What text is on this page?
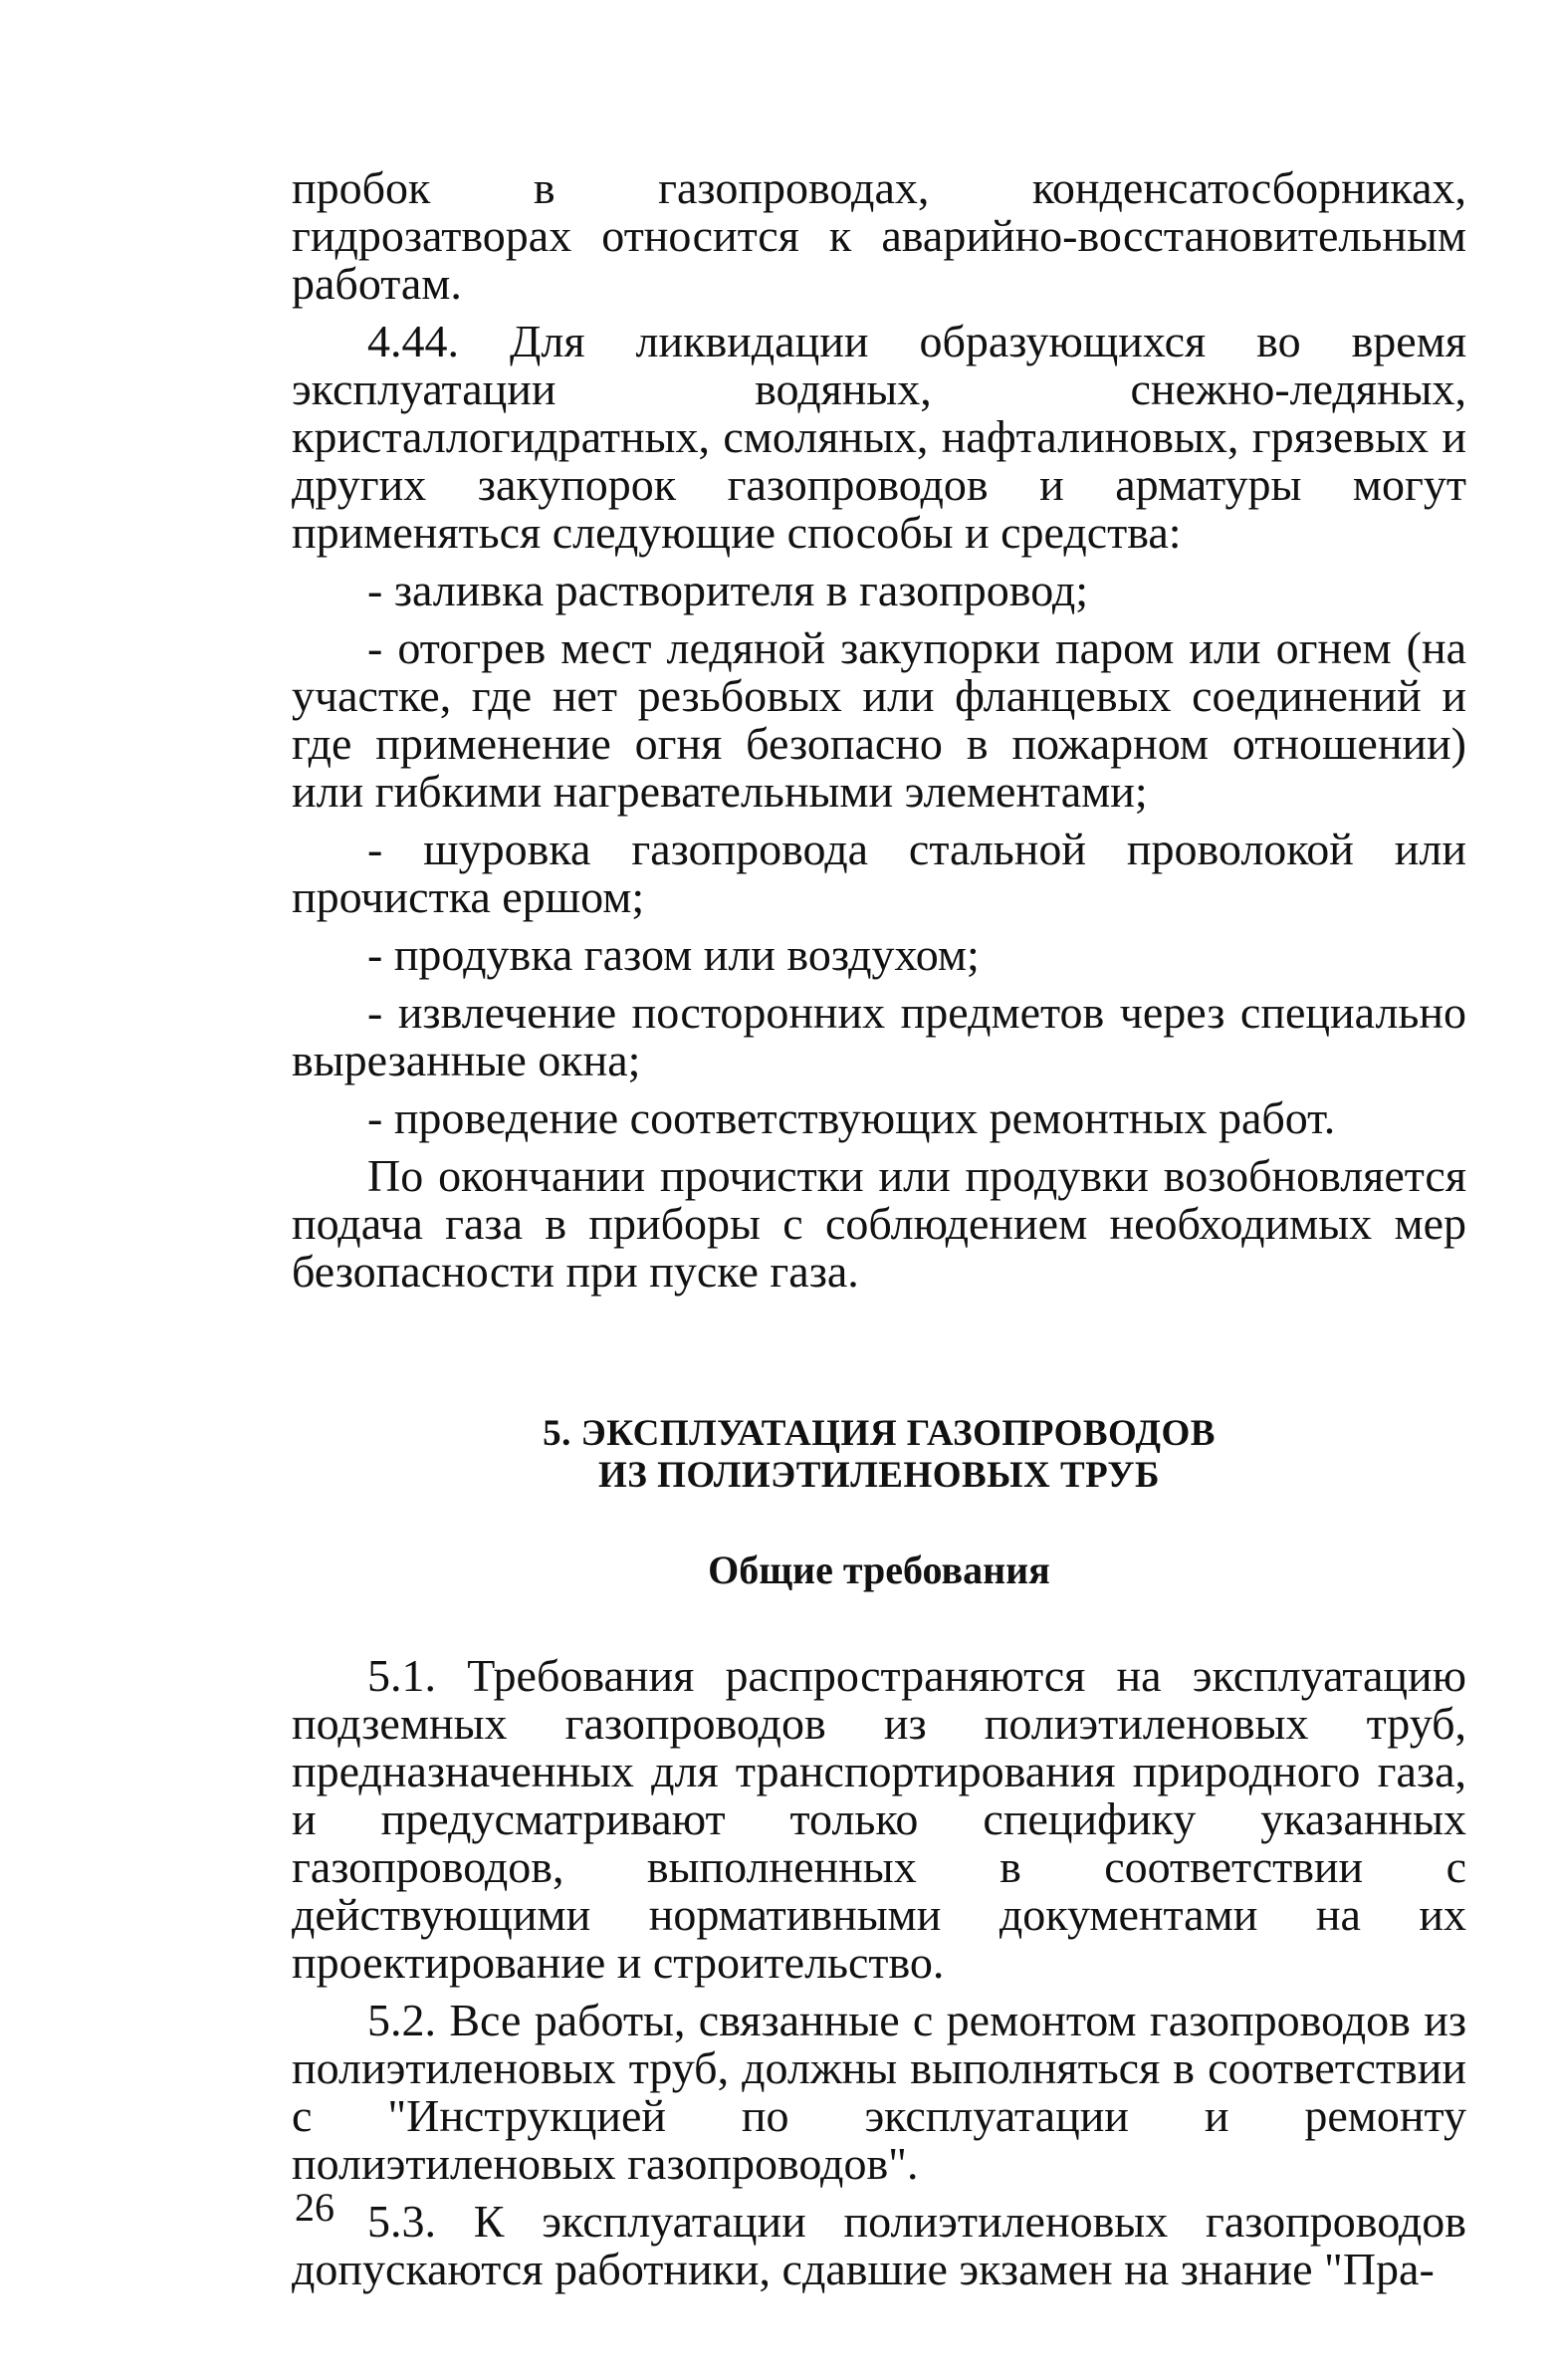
пробок в газопроводах, конденсатосборниках, гидрозатворах относится к аварийно-восстановительным работам.

4.44. Для ликвидации образующихся во время эксплуатации водяных, снежно-ледяных, кристаллогидратных, смоляных, нафталиновых, грязевых и других закупорок газопроводов и арматуры могут применяться следующие способы и средства:

- заливка растворителя в газопровод;

- отогрев мест ледяной закупорки паром или огнем (на участке, где нет резьбовых или фланцевых соединений и где применение огня безопасно в пожарном отношении) или гибкими нагревательными элементами;

- шуровка газопровода стальной проволокой или прочистка ершом;

- продувка газом или воздухом;

- извлечение посторонних предметов через специально вырезанные окна;

- проведение соответствующих ремонтных работ.

По окончании прочистки или продувки возобновляется подача газа в приборы с соблюдением необходимых мер безопасности при пуске газа.

5. ЭКСПЛУАТАЦИЯ ГАЗОПРОВОДОВ
ИЗ ПОЛИЭТИЛЕНОВЫХ ТРУБ
Общие требования

5.1. Требования распространяются на эксплуатацию подземных газопроводов из полиэтиленовых труб, предназначенных для транспортирования природного газа, и предусматривают только специфику указанных газопроводов, выполненных в соответствии с действующими нормативными документами на их проектирование и строительство.

5.2. Все работы, связанные с ремонтом газопроводов из полиэтиленовых труб, должны выполняться в соответствии с "Инструкцией по эксплуатации и ремонту полиэтиленовых газопроводов".

5.3. К эксплуатации полиэтиленовых газопроводов допускаются работники, сдавшие экзамен на знание "Пра-

26
